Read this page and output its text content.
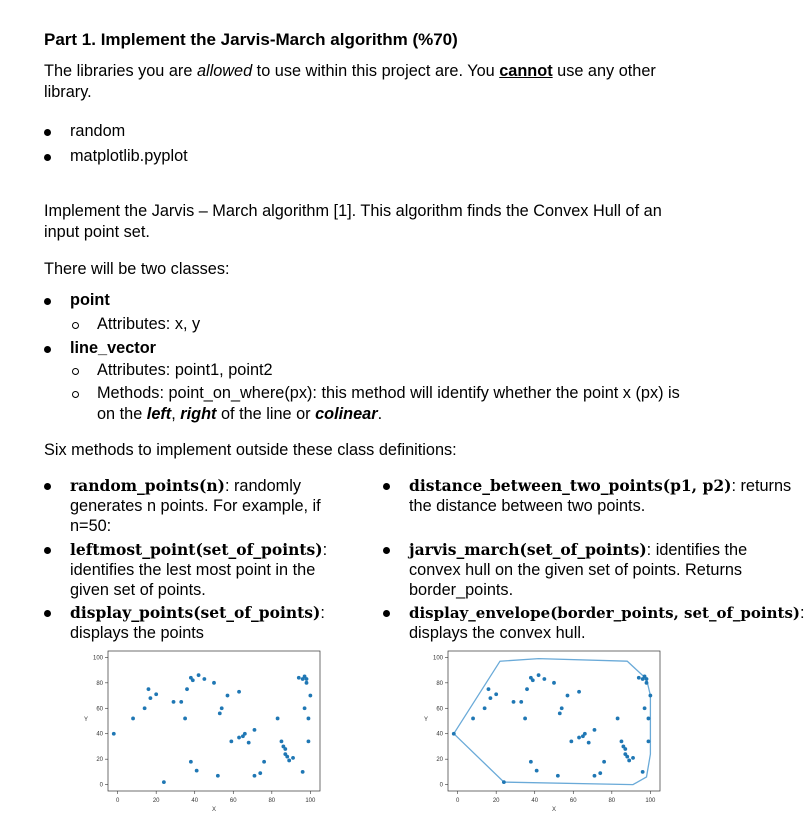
Part 1. Implement the Jarvis-March algorithm (%70)
The libraries you are allowed to use within this project are. You cannot use any other
library.
random
matplotlib.pyplot
Implement the Jarvis – March algorithm [1]. This algorithm finds the Convex Hull of an
input point set.
There will be two classes:
point
Attributes: x, y
line_vector
Attributes: point1, point2
Methods: point_on_where(px): this method will identify whether the point x (px) is
on the left, right of the line or colinear.
Six methods to implement outside these class definitions:
random_points(n): randomly
generates n points. For example, if
n=50:
leftmost_point(set_of_points):
identifies the lest most point in the
given set of points.
display_points(set_of_points):
displays the points
distance_between_two_points(p1, p2): returns
the distance between two points.
jarvis_march(set_of_points): identifies the
convex hull on the given set of points. Returns
border_points.
display_envelope(border_points, set_of_points):
displays the convex hull.
0	20	40	60	80	100
0
20
40
60
80
100
X
Y
0	20	40	60	80	100
0
20
40
60
80
100
X
Y
